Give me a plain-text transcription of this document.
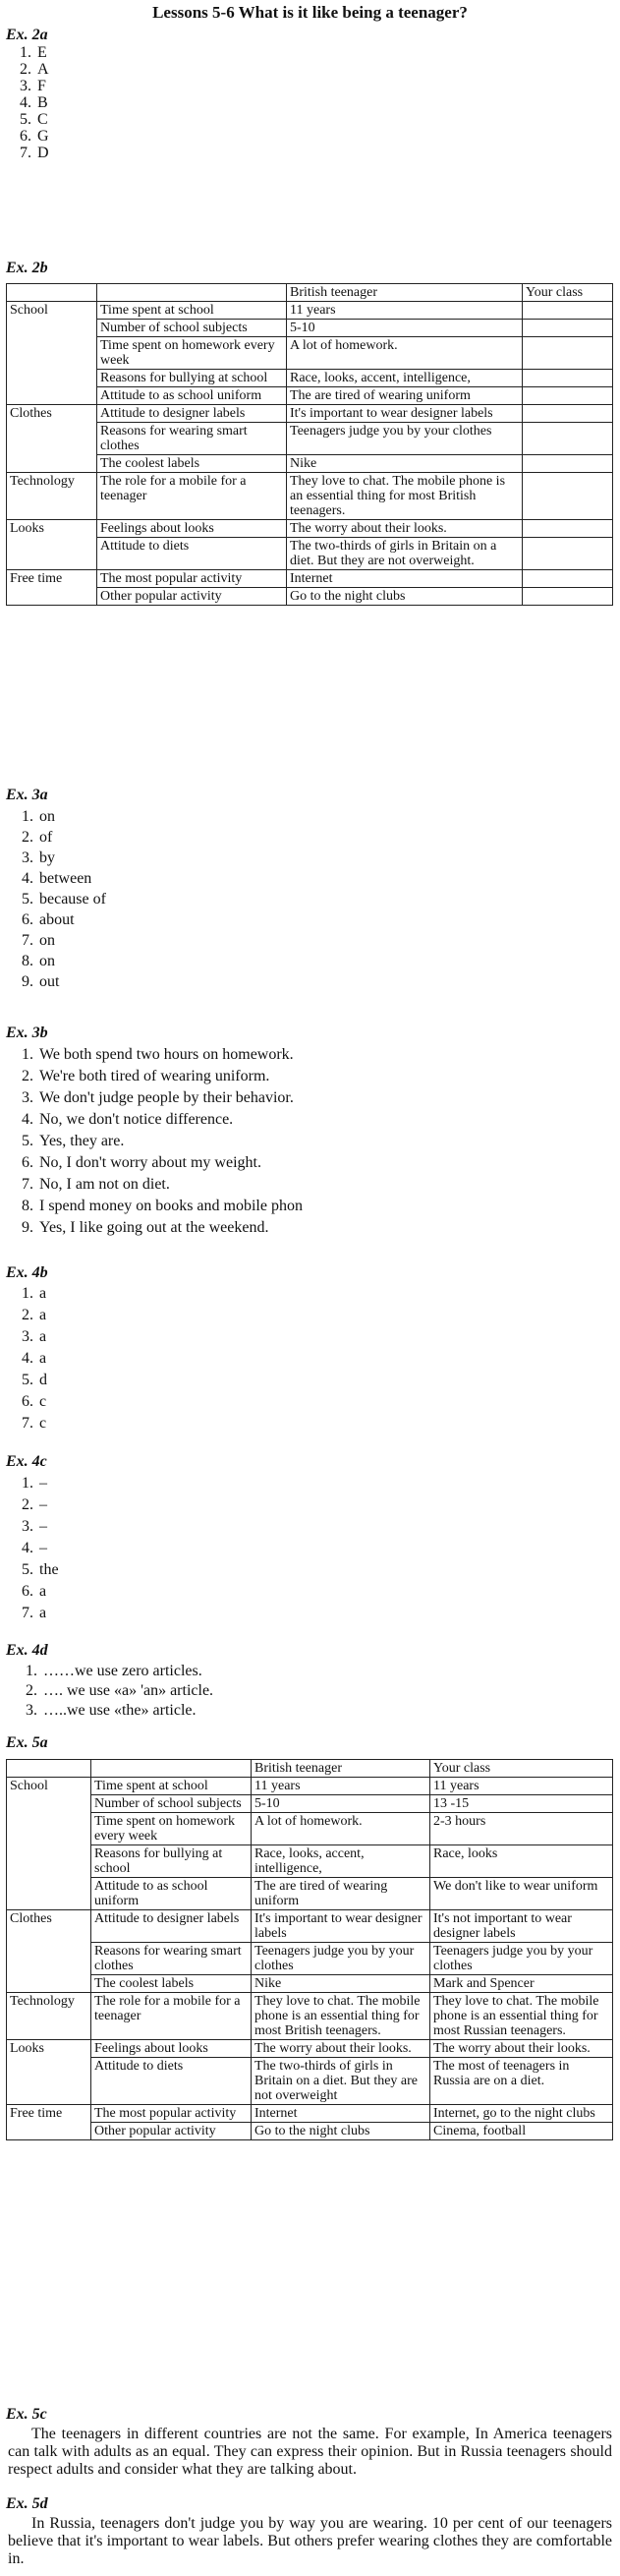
Lessons 5-6 What is it like being a teenager?
Ex. 2a
1. E
2. A
3. F
4. B
5. C
6. G
7. D
Ex. 2b
		British teenager	Your class
School	Time spent at school	11 years	
	Number of school subjects	5-10	
	Time spent on homework every week	A lot of homework.	
	Reasons for bullying at school	Race, looks, accent, intelligence,	
	Attitude to as school uniform	The are tired of wearing uniform	
Clothes	Attitude to designer labels	It's important to wear designer labels	
	Reasons for wearing smart clothes	Teenagers judge you by your clothes	
	The coolest labels	Nike	
Technology	The role for a mobile for a teenager	They love to chat. The mobile phone is an essential thing for most British teenagers.	
Looks	Feelings about looks	The worry about their looks.	
	Attitude to diets	The two-thirds of girls in Britain on a diet. But they are not overweight.	
Free time	The most popular activity	Internet	
	Other popular activity	Go to the night clubs	
Ex. 3a
1. on
2. of
3. by
4. between
5. because of
6. about
7. on
8. on
9. out
Ex. 3b
1. We both spend two hours on homework.
2. We're both tired of wearing uniform.
3. We don't judge people by their behavior.
4. No, we don't notice difference.
5. Yes, they are.
6. No, I don't worry about my weight.
7. No, I am not on diet.
8. I spend money on books and mobile phon
9. Yes, I like going out at the weekend.
Ex. 4b
1. a
2. a
3. a
4. a
5. d
6. c
7. c
Ex. 4c
1. –
2. –
3. –
4. –
5. the
6. a
7. a
Ex. 4d
1. ……we use zero articles.
2. …. we use «a» 'an» article.
3. …..we use «the» article.
Ex. 5a
		British teenager	Your class
School	Time spent at school	11 years	11 years
	Number of school subjects	5-10	13 -15
	Time spent on homework every week	A lot of homework.	2-3 hours
	Reasons for bullying at school	Race, looks, accent, intelligence,	Race, looks
	Attitude to as school uniform	The are tired of wearing uniform	We don't like to wear uniform
Clothes	Attitude to designer labels	It's important to wear designer labels	It's not important to wear designer labels
	Reasons for wearing smart clothes	Teenagers judge you by your clothes	Teenagers judge you by your clothes
	The coolest labels	Nike	Mark and Spencer
Technology	The role for a mobile for a teenager	They love to chat. The mobile phone is an essential thing for most British teenagers.	They love to chat. The mobile phone is an essential thing for most Russian teenagers.
Looks	Feelings about looks	The worry about their looks.	The worry about their looks.
	Attitude to diets	The two-thirds of girls in Britain on a diet. But they are not overweight	The most of teenagers in Russia are on a diet.
Free time	The most popular activity	Internet	Internet, go to the night clubs
	Other popular activity	Go to the night clubs	Cinema, football
Ex. 5c

The teenagers in different countries are not the same. For example, In America teenagers can talk with adults as an equal. They can express their opinion. But in Russia teenagers should respect adults and consider what they are talking about.

Ex. 5d

In Russia, teenagers don't judge you by way you are wearing. 10 per cent of our teenagers believe that it's important to wear labels. But others prefer wearing clothes they are comfortable in.
